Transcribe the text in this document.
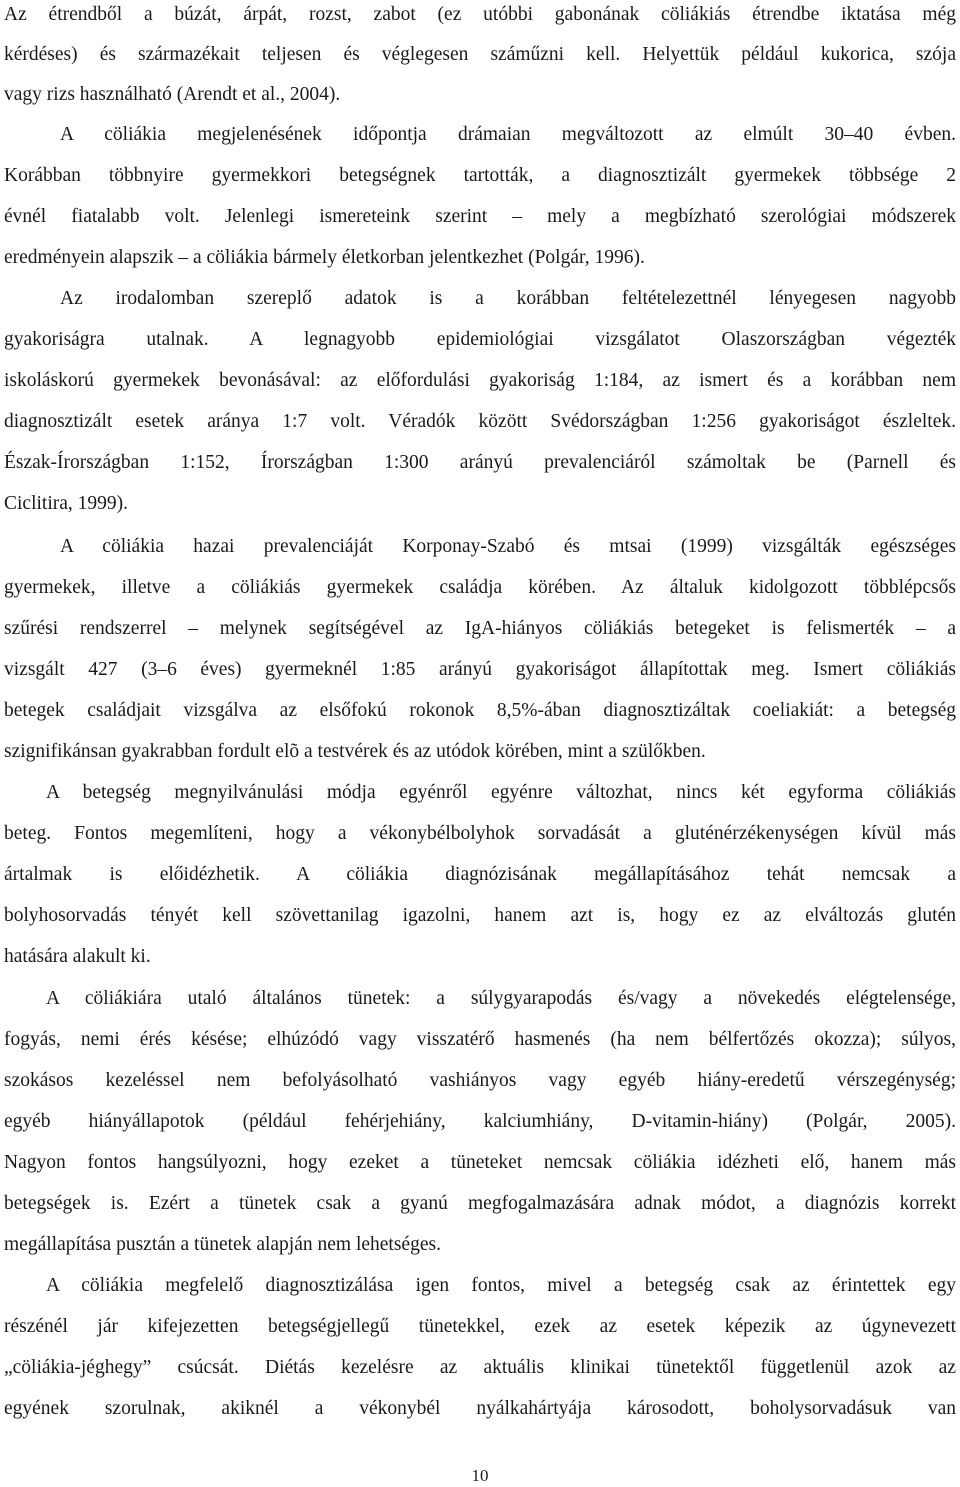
Az étrendből a búzát, árpát, rozst, zabot (ez utóbbi gabonának cöliákiás étrendbe iktatása még
kérdéses) és származékait teljesen és véglegesen száműzni kell. Helyettük például kukorica, szója
vagy rizs használható (Arendt et al., 2004).
A cöliákia megjelenésének időpontja drámaian megváltozott az elmúlt 30–40 évben.
Korábban többnyire gyermekkori betegségnek tartották, a diagnosztizált gyermekek többsége 2
évnél fiatalabb volt. Jelenlegi ismereteink szerint – mely a megbízható szerológiai módszerek
eredményein alapszik – a cöliákia bármely életkorban jelentkezhet (Polgár, 1996).
Az irodalomban szereplő adatok is a korábban feltételezettnél lényegesen nagyobb
gyakoriságra utalnak. A legnagyobb epidemiológiai vizsgálatot Olaszországban végezték
iskoláskorú gyermekek bevonásával: az előfordulási gyakoriság 1:184, az ismert és a korábban nem
diagnosztizált esetek aránya 1:7 volt. Véradók között Svédországban 1:256 gyakoriságot észleltek.
Észak-Írországban 1:152, Írországban 1:300 arányú prevalenciáról számoltak be (Parnell és
Ciclitira, 1999).
A cöliákia hazai prevalenciáját Korponay-Szabó és mtsai (1999) vizsgálták egészséges
gyermekek, illetve a cöliákiás gyermekek családja körében. Az általuk kidolgozott többlépcsős
szűrési rendszerrel – melynek segítségével az IgA-hiányos cöliákiás betegeket is felismerték – a
vizsgált 427 (3–6 éves) gyermeknél 1:85 arányú gyakoriságot állapítottak meg. Ismert cöliákiás
betegek családjait vizsgálva az elsőfokú rokonok 8,5%-ában diagnosztizáltak coeliakiát: a betegség
szignifikánsan gyakrabban fordult elõ a testvérek és az utódok körében, mint a szülőkben.
A betegség megnyilvánulási módja egyénről egyénre változhat, nincs két egyforma cöliákiás
beteg. Fontos megemlíteni, hogy a vékonybélbolyhok sorvadását a gluténérzékenységen kívül más
ártalmak is előidézhetik. A cöliákia diagnózisának megállapításához tehát nemcsak a
bolyhosorvadás tényét kell szövettanilag igazolni, hanem azt is, hogy ez az elváltozás glutén
hatására alakult ki.
A cöliákiára utaló általános tünetek: a súlygyarapodás és/vagy a növekedés elégtelensége,
fogyás, nemi érés késése; elhúzódó vagy visszatérő hasmenés (ha nem bélfertőzés okozza); súlyos,
szokásos kezeléssel nem befolyásolható vashiányos vagy egyéb hiány-eredetű vérszegénység;
egyéb hiányállapotok (például fehérjehiány, kalciumhiány, D-vitamin-hiány) (Polgár, 2005).
Nagyon fontos hangsúlyozni, hogy ezeket a tüneteket nemcsak cöliákia idézheti elő, hanem más
betegségek is. Ezért a tünetek csak a gyanú megfogalmazására adnak módot, a diagnózis korrekt
megállapítása pusztán a tünetek alapján nem lehetséges.
A cöliákia megfelelő diagnosztizálása igen fontos, mivel a betegség csak az érintettek egy
részénél jár kifejezetten betegségjellegű tünetekkel, ezek az esetek képezik az úgynevezett
„cöliákia-jéghegy” csúcsát. Diétás kezelésre az aktuális klinikai tünetektől függetlenül azok az
egyének szorulnak, akiknél a vékonybél nyálkahártyája károsodott, boholysorvadásuk van
10
